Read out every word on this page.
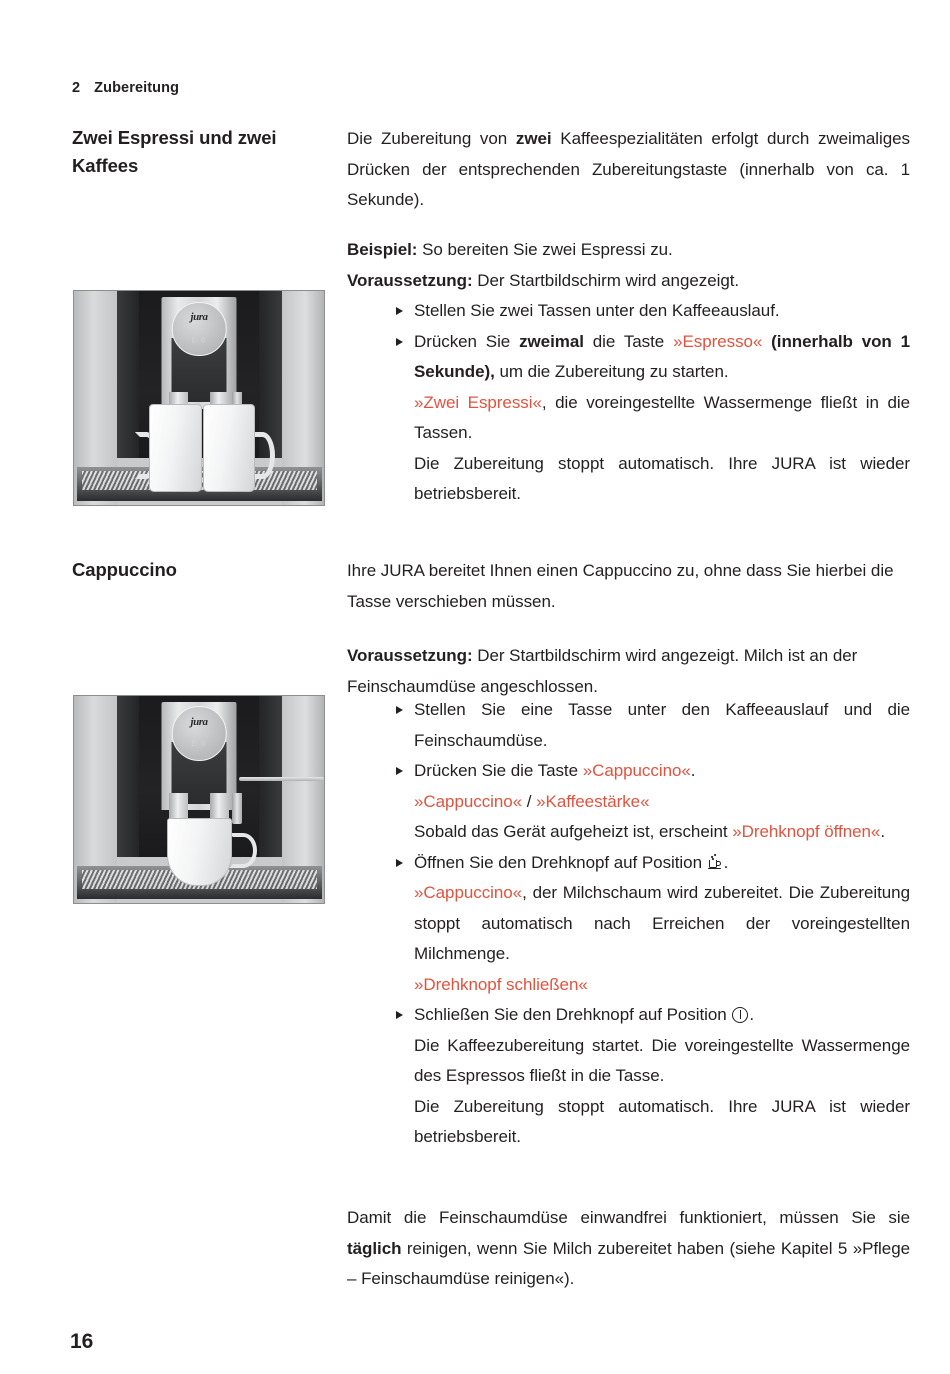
2 Zubereitung
Zwei Espressi und zwei Kaffees

Die Zubereitung von zwei Kaffeespezialitäten erfolgt durch zweimaliges Drücken der entsprechenden Zubereitungstaste (innerhalb von ca. 1 Sekunde).

Beispiel: So bereiten Sie zwei Espressi zu.

Voraussetzung: Der Startbildschirm wird angezeigt.

Stellen Sie zwei Tassen unter den Kaffeeauslauf.
Drücken Sie zweimal die Taste »Espresso« (innerhalb von 1 Sekunde), um die Zubereitung zu starten.
»Zwei Espressi«, die voreingestellte Wassermenge fließt in die Tassen.
Die Zubereitung stoppt automatisch. Ihre JURA ist wieder betriebsbereit.
jura
E 6
Cappuccino	Ihre JURA bereitet Ihnen einen Cappuccino zu, ohne dass Sie hierbei die Tasse verschieben müssen.

Voraussetzung: Der Startbildschirm wird angezeigt. Milch ist an der Feinschaumdüse angeschlossen.

Stellen Sie eine Tasse unter den Kaffeeauslauf und die Feinschaumdüse.
Drücken Sie die Taste »Cappuccino«.
»Cappuccino« / »Kaffeestärke«
Sobald das Gerät aufgeheizt ist, erscheint »Drehknopf öffnen«.
Öffnen Sie den Drehknopf auf Position
.
»Cappuccino«, der Milchschaum wird zubereitet. Die Zubereitung stoppt automatisch nach Erreichen der voreingestellten Milchmenge.
»Drehknopf schließen«
Schließen Sie den Drehknopf auf Position
.
Die Kaffeezubereitung startet. Die voreingestellte Wassermenge des Espressos fließt in die Tasse.
Die Zubereitung stoppt automatisch. Ihre JURA ist wieder betriebsbereit.

Damit die Feinschaumdüse einwandfrei funktioniert, müssen Sie sie täglich reinigen, wenn Sie Milch zubereitet haben (siehe Kapitel 5 »Pflege – Feinschaumdüse reinigen«).

jura
E 6
16
